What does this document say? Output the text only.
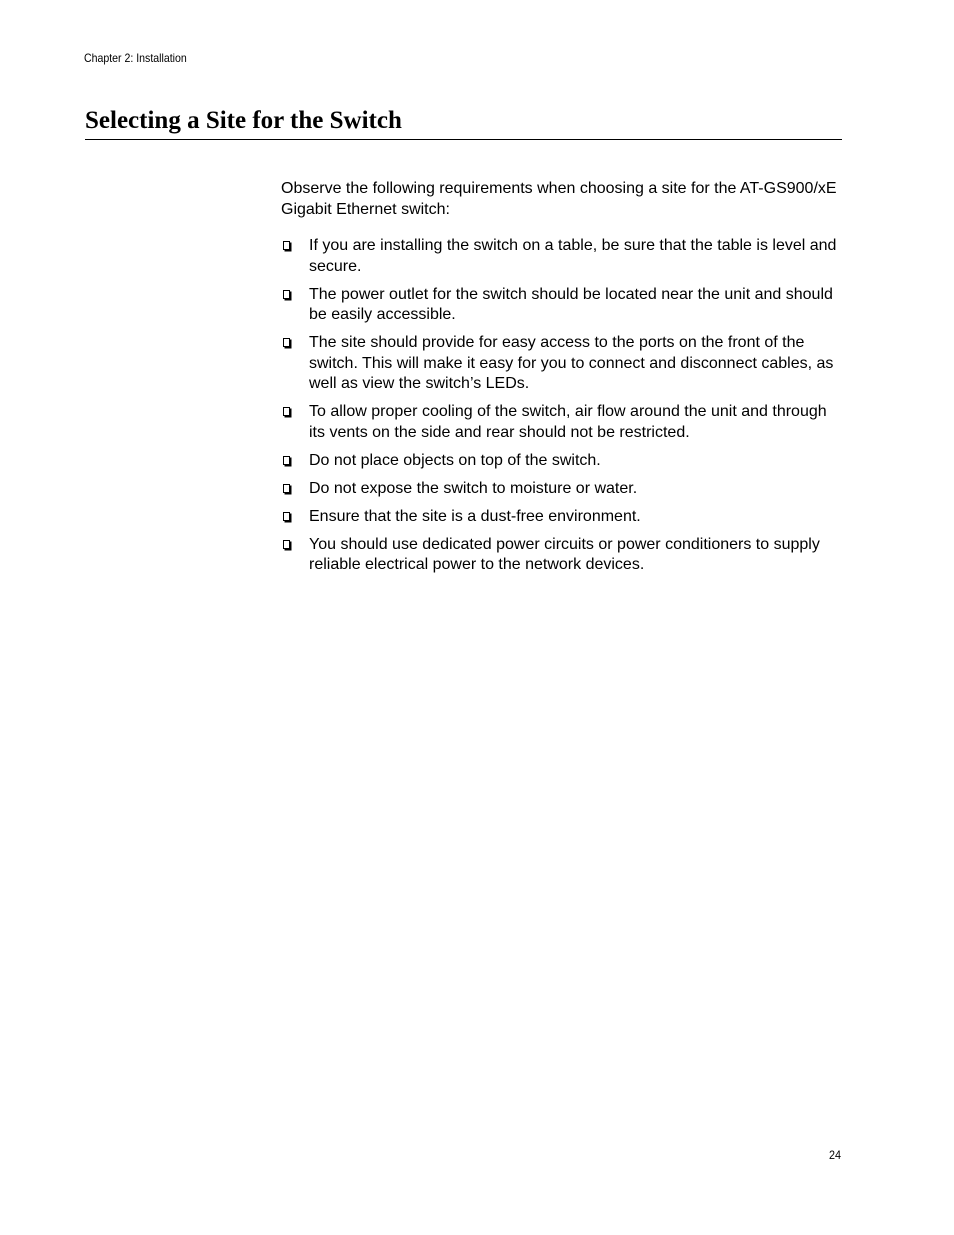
Chapter 2: Installation
Selecting a Site for the Switch

Observe the following requirements when choosing a site for the AT-GS900/xE Gigabit Ethernet switch:

If you are installing the switch on a table, be sure that the table is level and secure.
The power outlet for the switch should be located near the unit and should be easily accessible.
The site should provide for easy access to the ports on the front of the switch. This will make it easy for you to connect and disconnect cables, as well as view the switch’s LEDs.
To allow proper cooling of the switch, air flow around the unit and through its vents on the side and rear should not be restricted.
Do not place objects on top of the switch.
Do not expose the switch to moisture or water.
Ensure that the site is a dust-free environment.
You should use dedicated power circuits or power conditioners to supply reliable electrical power to the network devices.
24
